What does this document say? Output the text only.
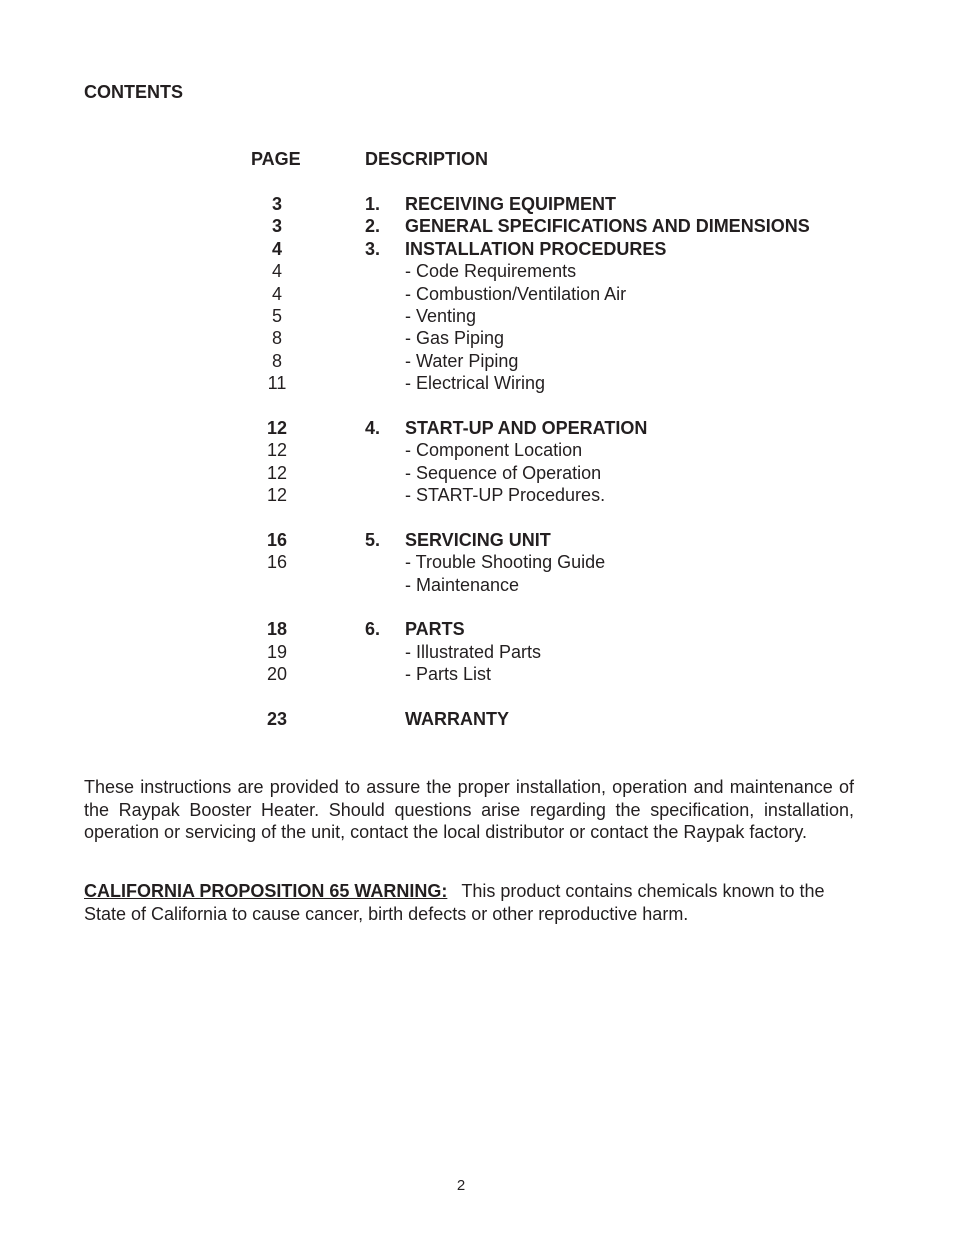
CONTENTS
PAGE	DESCRIPTION
3	1. RECEIVING EQUIPMENT
3	2. GENERAL SPECIFICATIONS AND DIMENSIONS
4	3. INSTALLATION PROCEDURES
4	- Code Requirements
4	- Combustion/Ventilation Air
5	- Venting
8	- Gas Piping
8	- Water Piping
11	- Electrical Wiring
12	4. START-UP AND OPERATION
12	- Component Location
12	- Sequence of Operation
12	- START-UP Procedures.
16	5. SERVICING UNIT
16	- Trouble Shooting Guide
- Maintenance
18	6. PARTS
19	- Illustrated Parts
20	- Parts List
23	WARRANTY

These instructions are provided to assure the proper installation, operation and maintenance of the Raypak Booster Heater. Should questions arise regarding the specification, installation, operation or servicing of the unit, contact the local distributor or contact the Raypak factory.

CALIFORNIA PROPOSITION 65 WARNING: This product contains chemicals known to the State of California to cause cancer, birth defects or other reproductive harm.

2
